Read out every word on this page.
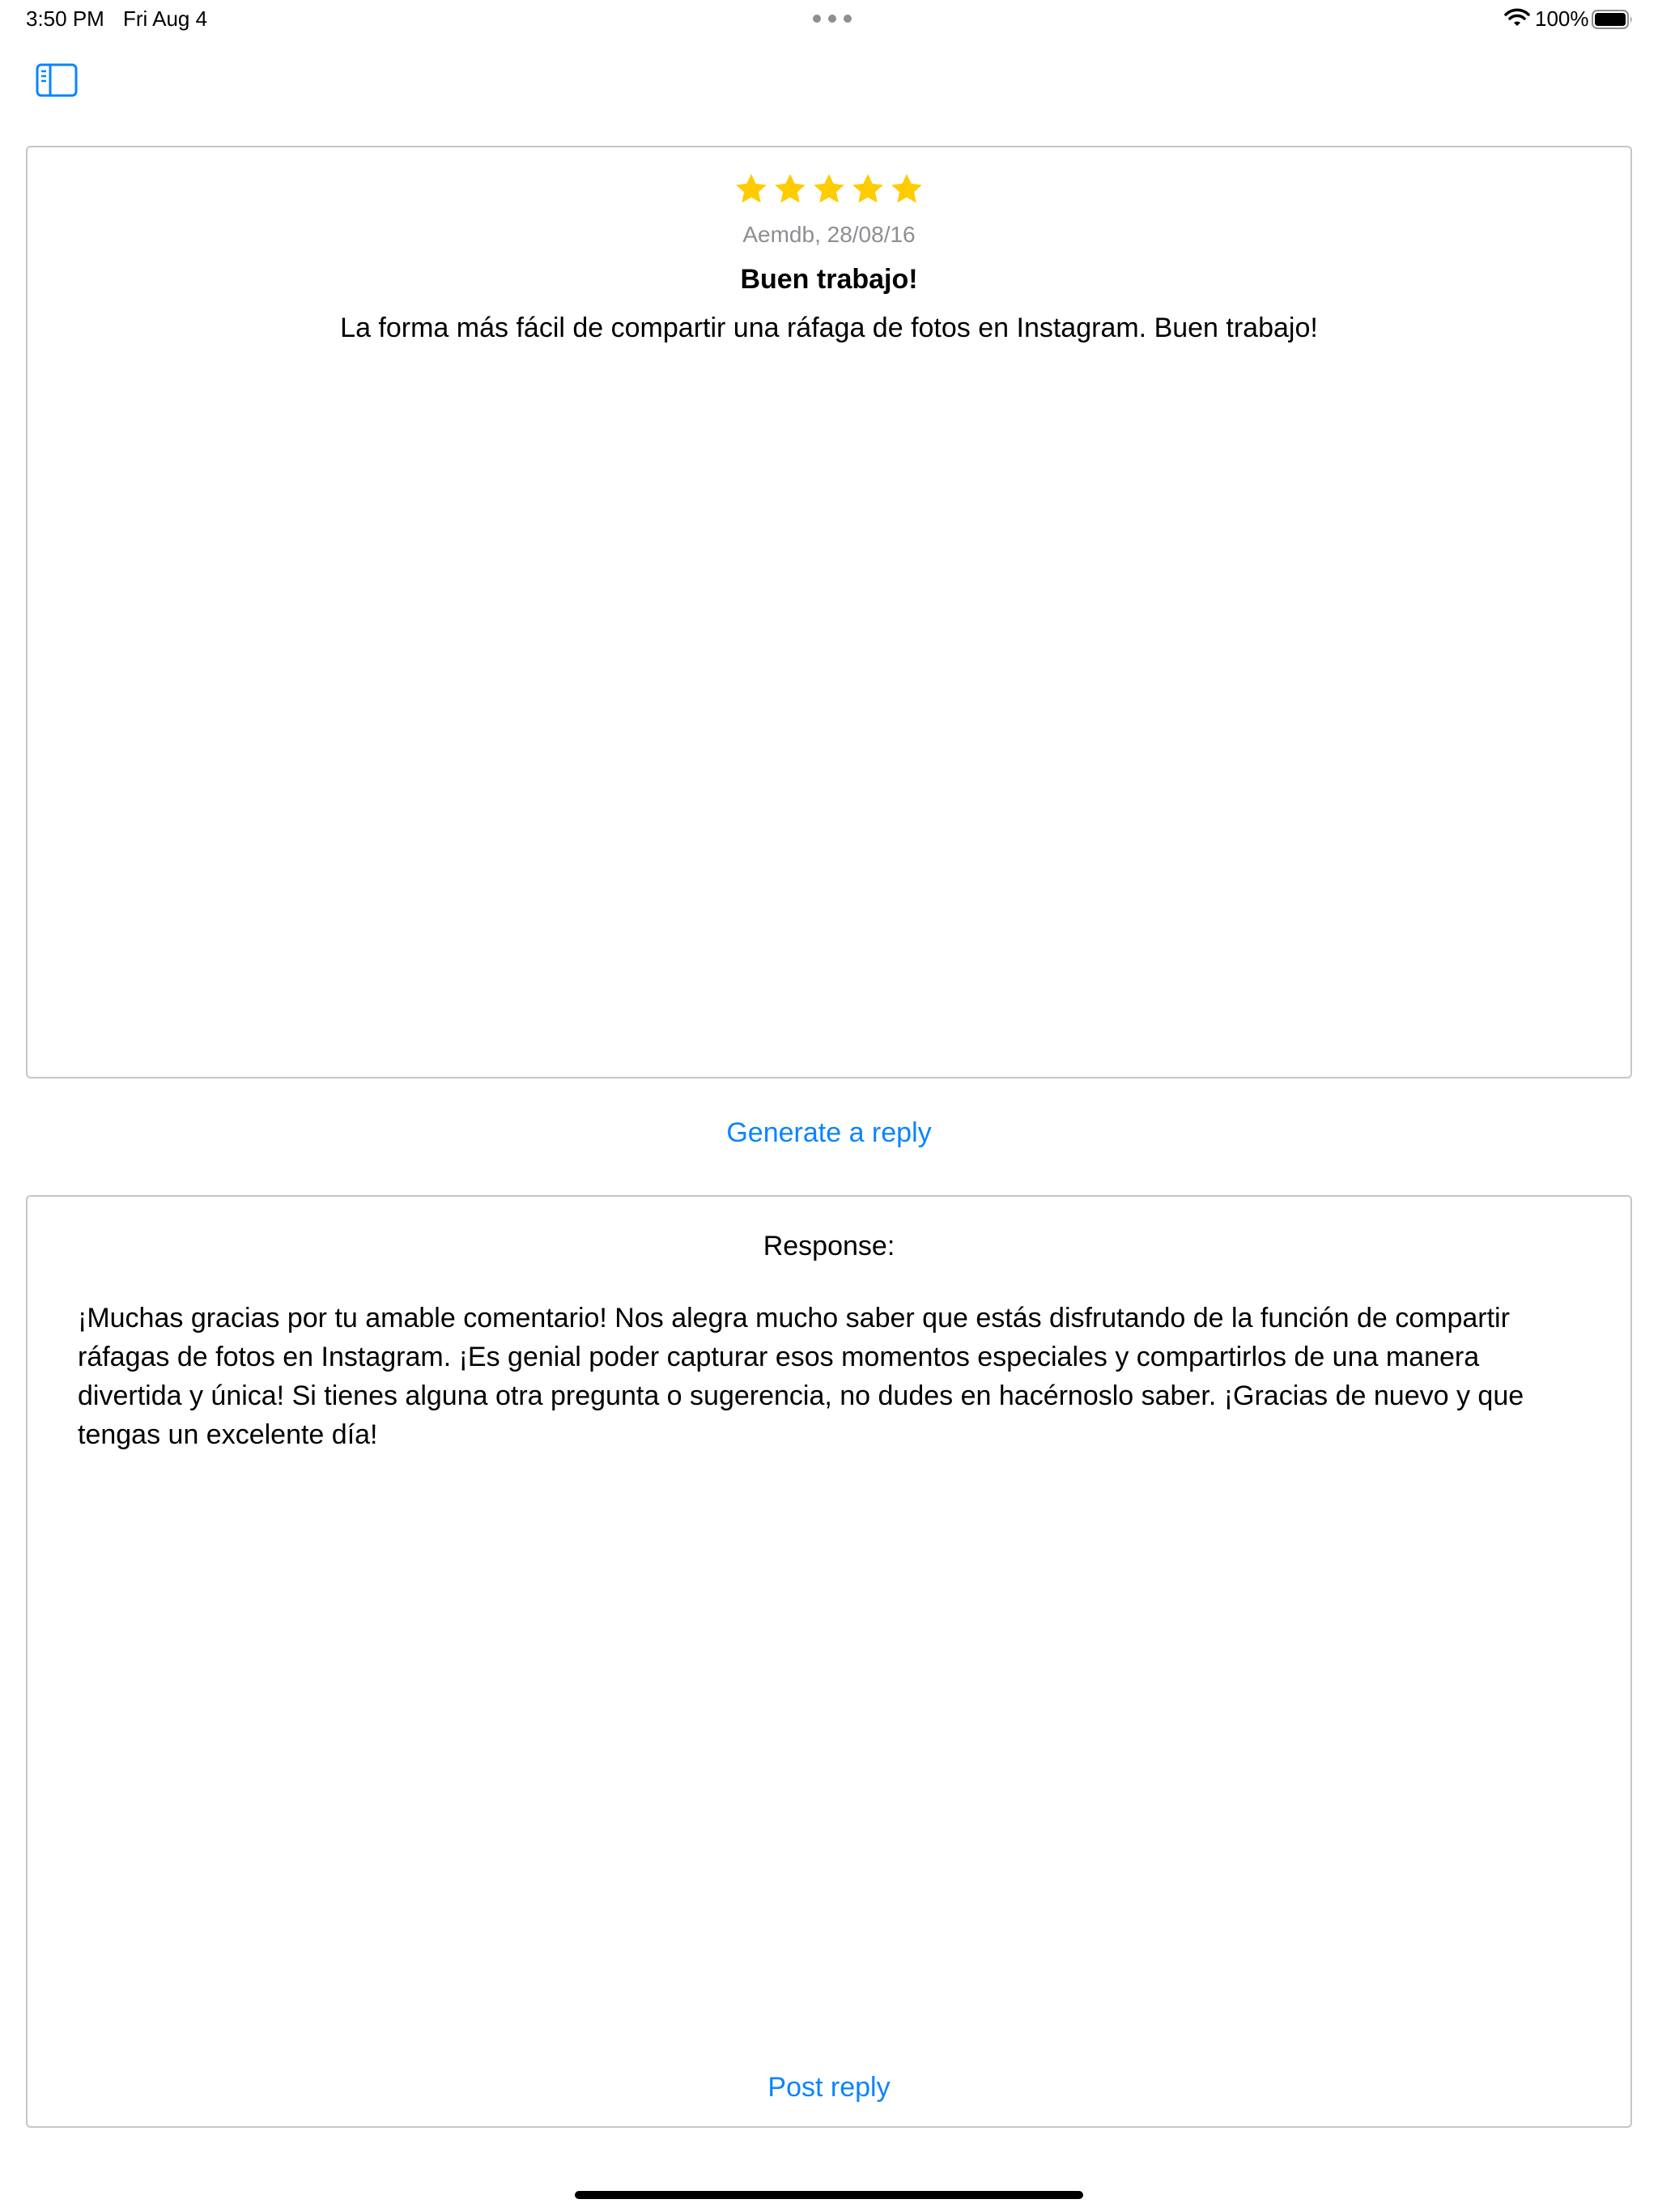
3:50 PM Fri Aug 4	100%
Aemdb, 28/08/16
Buen trabajo!
La forma más fácil de compartir una ráfaga de fotos en Instagram. Buen trabajo!
Generate a reply
Response:
¡Muchas gracias por tu amable comentario! Nos alegra mucho saber que estás disfrutando de la función de compartir ráfagas de fotos en Instagram. ¡Es genial poder capturar esos momentos especiales y compartirlos de una manera divertida y única! Si tienes alguna otra pregunta o sugerencia, no dudes en hacérnoslo saber. ¡Gracias de nuevo y que tengas un excelente día!
Post reply
